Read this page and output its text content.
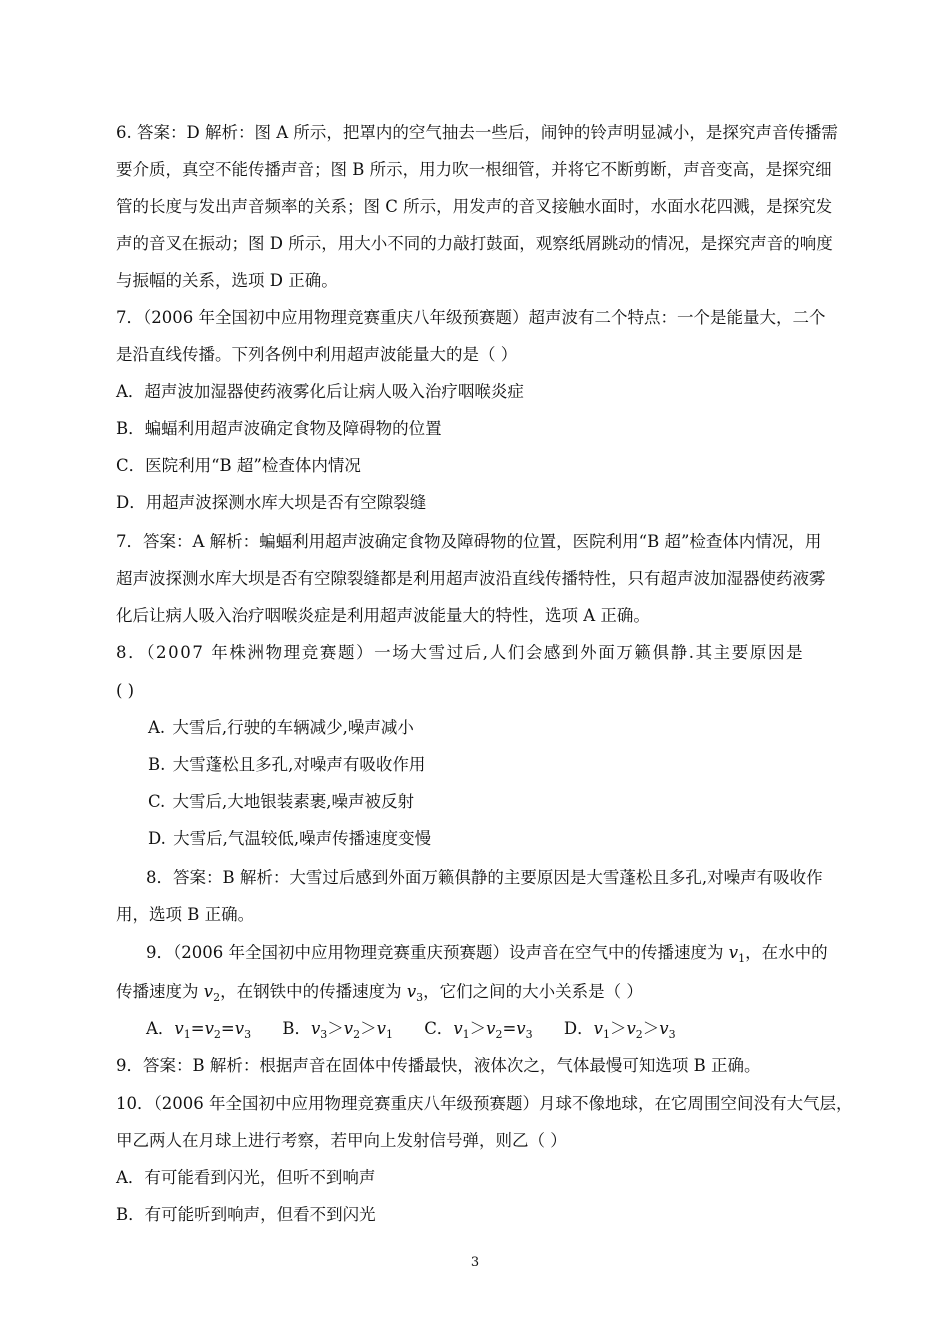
6. 答案：D 解析：图 A 所示，把罩内的空气抽去一些后，闹钟的铃声明显减小，是探究声音传播需
要介质，真空不能传播声音；图 B 所示，用力吹一根细管，并将它不断剪断，声音变高，是探究细
管的长度与发出声音频率的关系；图 C 所示，用发声的音叉接触水面时，水面水花四溅，是探究发
声的音叉在振动；图 D 所示，用大小不同的力敲打鼓面，观察纸屑跳动的情况，是探究声音的响度
与振幅的关系，选项 D 正确。
7．（2006 年全国初中应用物理竞赛重庆八年级预赛题）超声波有二个特点：一个是能量大，二个
是沿直线传播。下列各例中利用超声波能量大的是（ ）
A．超声波加湿器使药液雾化后让病人吸入治疗咽喉炎症
B．蝙蝠利用超声波确定食物及障碍物的位置
C．医院利用“B 超”检查体内情况
D．用超声波探测水库大坝是否有空隙裂缝
7．答案：A 解析：蝙蝠利用超声波确定食物及障碍物的位置，医院利用“B 超”检查体内情况，用
超声波探测水库大坝是否有空隙裂缝都是利用超声波沿直线传播特性，只有超声波加湿器使药液雾
化后让病人吸入治疗咽喉炎症是利用超声波能量大的特性，选项 A 正确。
8．（2007 年株洲物理竞赛题）一场大雪过后,人们会感到外面万籁俱静.其主要原因是
( )
A. 大雪后,行驶的车辆减少,噪声减小
B. 大雪蓬松且多孔,对噪声有吸收作用
C. 大雪后,大地银装素裹,噪声被反射
D. 大雪后,气温较低,噪声传播速度变慢
8．答案：B 解析：大雪过后感到外面万籁俱静的主要原因是大雪蓬松且多孔,对噪声有吸收作
用，选项 B 正确。
9．（2006 年全国初中应用物理竞赛重庆预赛题）设声音在空气中的传播速度为 $v_1$，在水中的
传播速度为 $v_2$，在钢铁中的传播速度为 $v_3$，它们之间的大小关系是（ ）
A．$v_1=v_2=v_3$ B．$v_3>v_2>v_1$ C．$v_1>v_2=v_3$ D．$v_1>v_2>v_3$
9．答案：B 解析：根据声音在固体中传播最快，液体次之，气体最慢可知选项 B 正确。
10．（2006 年全国初中应用物理竞赛重庆八年级预赛题）月球不像地球，在它周围空间没有大气层，
甲乙两人在月球上进行考察，若甲向上发射信号弹，则乙（ ）
A．有可能看到闪光，但听不到响声
B．有可能听到响声，但看不到闪光
3
